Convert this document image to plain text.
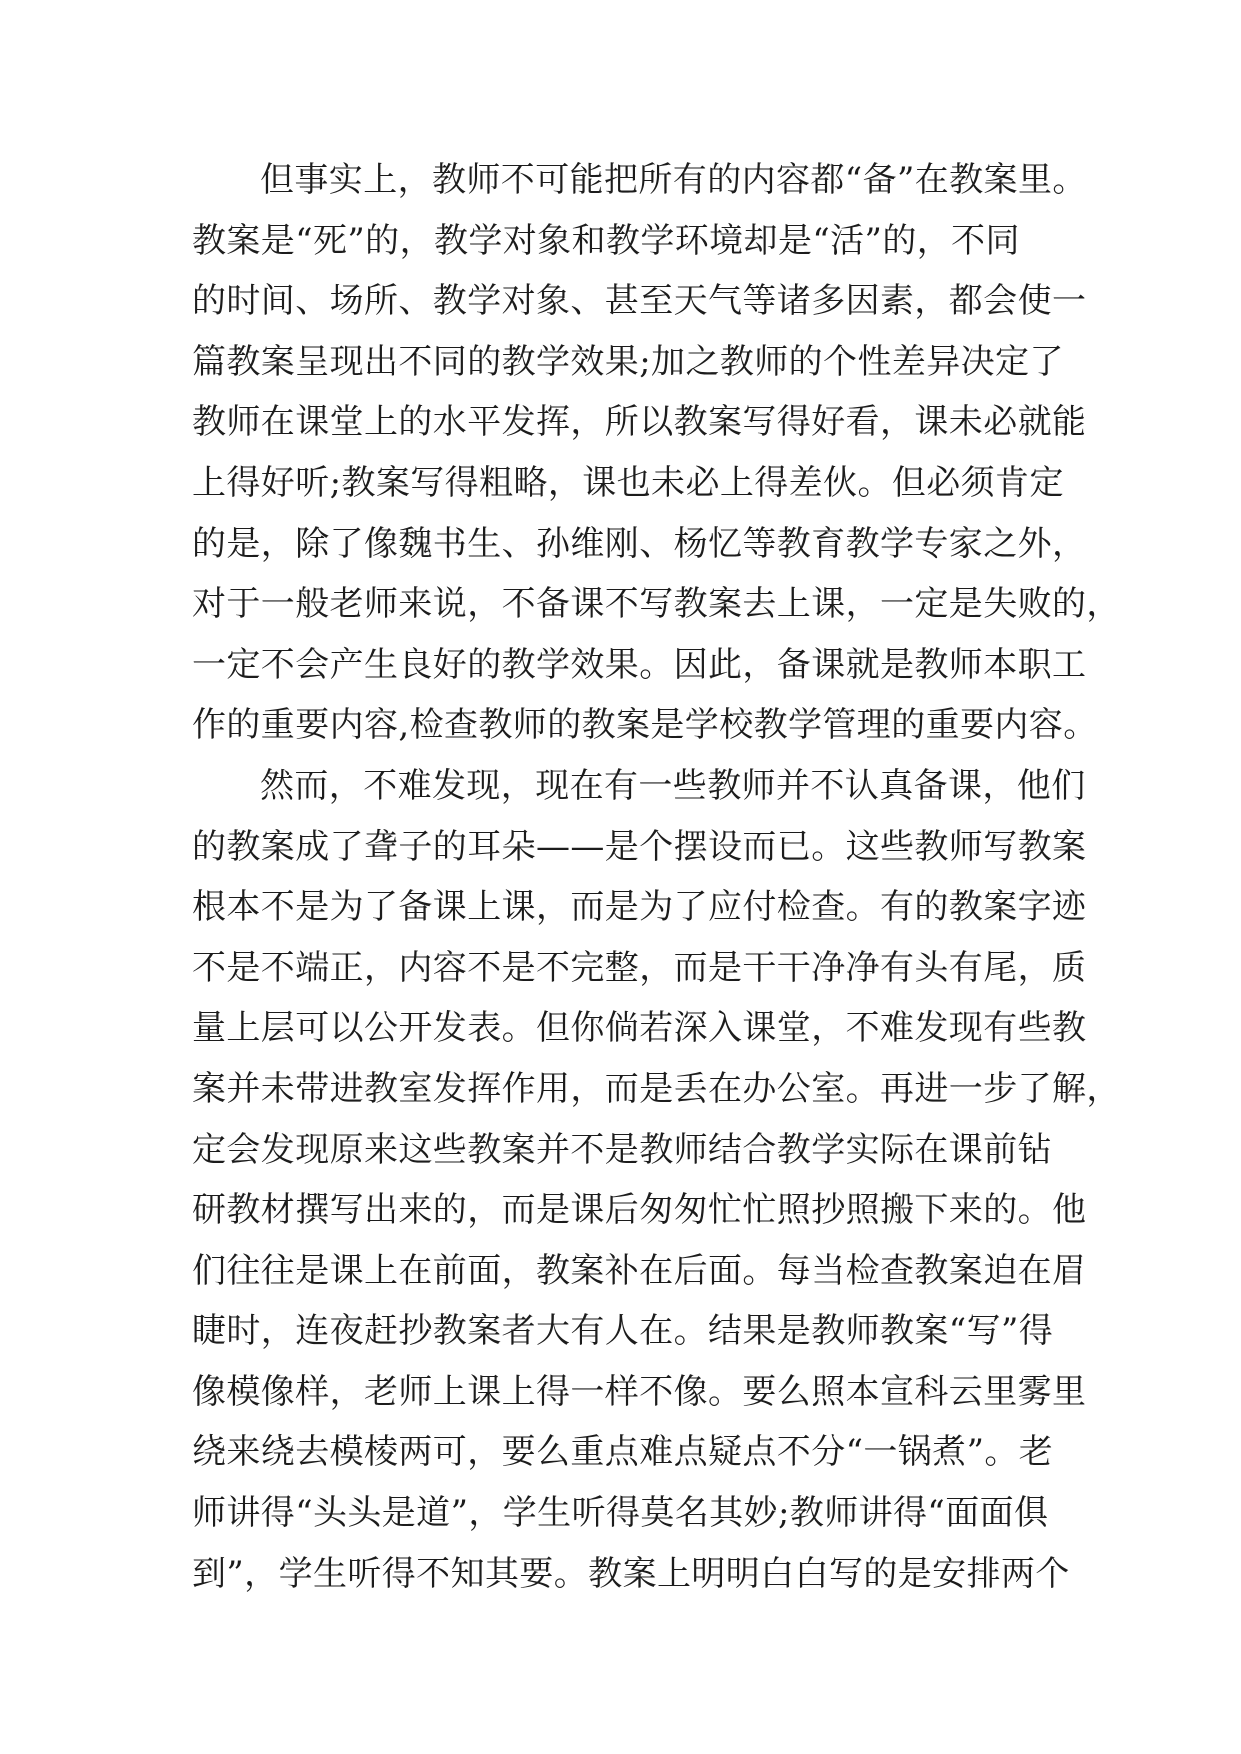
但事实上，教师不可能把所有的内容都“备”在教案里。
教案是“死”的，教学对象和教学环境却是“活”的，不同
的时间、场所、教学对象、甚至天气等诸多因素，都会使一
篇教案呈现出不同的教学效果;加之教师的个性差异决定了
教师在课堂上的水平发挥，所以教案写得好看，课未必就能
上得好听;教案写得粗略，课也未必上得差伙。但必须肯定
的是，除了像魏书生、孙维刚、杨忆等教育教学专家之外，
对于一般老师来说，不备课不写教案去上课，一定是失败的，
一定不会产生良好的教学效果。因此，备课就是教师本职工
作的重要内容,检查教师的教案是学校教学管理的重要内容。
然而，不难发现，现在有一些教师并不认真备课，他们
的教案成了聋子的耳朵——是个摆设而已。这些教师写教案
根本不是为了备课上课，而是为了应付检查。有的教案字迹
不是不端正，内容不是不完整，而是干干净净有头有尾，质
量上层可以公开发表。但你倘若深入课堂，不难发现有些教
案并未带进教室发挥作用，而是丢在办公室。再进一步了解，
定会发现原来这些教案并不是教师结合教学实际在课前钻
研教材撰写出来的，而是课后匆匆忙忙照抄照搬下来的。他
们往往是课上在前面，教案补在后面。每当检查教案迫在眉
睫时，连夜赶抄教案者大有人在。结果是教师教案“写”得
像模像样，老师上课上得一样不像。要么照本宣科云里雾里
绕来绕去模棱两可，要么重点难点疑点不分“一锅煮”。老
师讲得“头头是道”，学生听得莫名其妙;教师讲得“面面俱
到”，学生听得不知其要。教案上明明白白写的是安排两个
